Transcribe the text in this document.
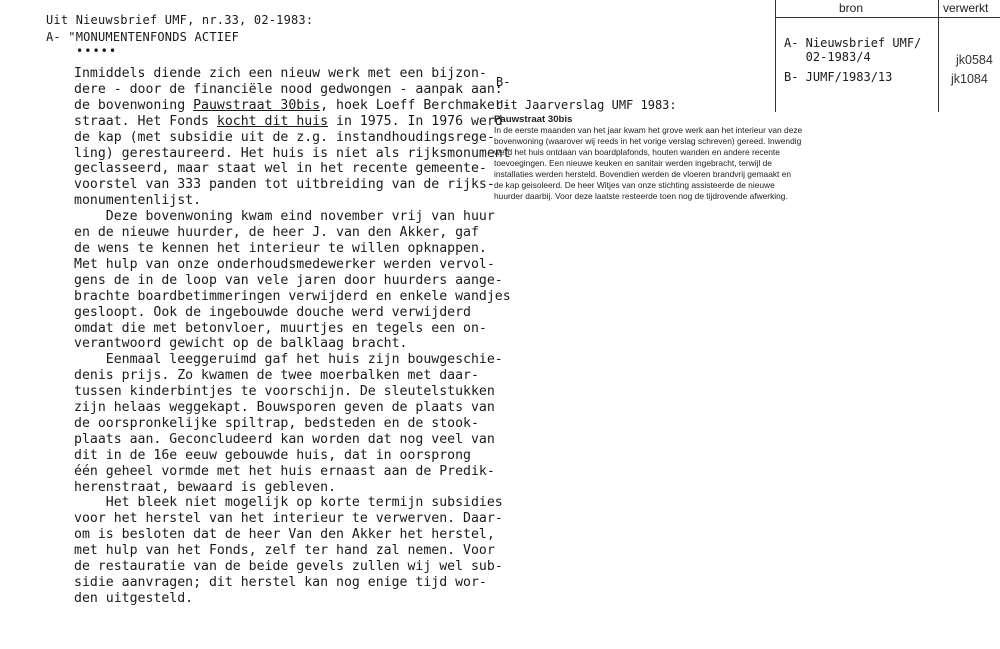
Uit Nieuwsbrief UMF, nr.33, 02-1983:
A- "MONUMENTENFONDS ACTIEF
•••••
Inmiddels diende zich een nieuw werk met een bijzon-
dere - door de financiële nood gedwongen - aanpak aan:
de bovenwoning Pauwstraat 30bis, hoek Loeff Berchmaker-
straat. Het Fonds kocht dit huis in 1975. In 1976 werd
de kap (met subsidie uit de z.g. instandhoudingsrege-
ling) gerestaureerd. Het huis is niet als rijksmonument
geclasseerd, maar staat wel in het recente gemeente-
voorstel van 333 panden tot uitbreiding van de rijks-
monumentenlijst.
Deze bovenwoning kwam eind november vrij van huur
en de nieuwe huurder, de heer J. van den Akker, gaf
de wens te kennen het interieur te willen opknappen.
Met hulp van onze onderhoudsmedewerker werden vervol-
gens de in de loop van vele jaren door huurders aange-
brachte boardbetimmeringen verwijderd en enkele wandjes
gesloopt. Ook de ingebouwde douche werd verwijderd
omdat die met betonvloer, muurtjes en tegels een on-
verantwoord gewicht op de balklaag bracht.
Eenmaal leeggeruimd gaf het huis zijn bouwgeschie-
denis prijs. Zo kwamen de twee moerbalken met daar-
tussen kinderbintjes te voorschijn. De sleutelstukken
zijn helaas weggekapt. Bouwsporen geven de plaats van
de oorspronkelijke spiltrap, bedsteden en de stook-
plaats aan. Geconcludeerd kan worden dat nog veel van
dit in de 16e eeuw gebouwde huis, dat in oorsprong
één geheel vormde met het huis ernaast aan de Predik-
herenstraat, bewaard is gebleven.
Het bleek niet mogelijk op korte termijn subsidies
voor het herstel van het interieur te verwerven. Daar-
om is besloten dat de heer Van den Akker het herstel,
met hulp van het Fonds, zelf ter hand zal nemen. Voor
de restauratie van de beide gevels zullen wij wel sub-
sidie aanvragen; dit herstel kan nog enige tijd wor-
den uitgesteld.
B-
Uit Jaarverslag UMF 1983:
Pauwstraat 30bis
In de eerste maanden van het jaar kwam het grove werk aan het interieur van deze
bovenwoning (waarover wij reeds in het vorige verslag schreven) gereed. Inwendig
werd het huis ontdaan van boardplafonds, houten wanden en andere recente
toevoegingen. Een nieuwe keuken en sanitair werden ingebracht, terwijl de
installaties werden hersteld. Bovendien werden de vloeren brandvrij gemaakt en
de kap geisoleerd. De heer Witjes van onze stichting assisteerde de nieuwe
huurder daarbij. Voor deze laatste resteerde toen nog de tijdrovende afwerking.
bron	verwerkt
A- Nieuwsbrief UMF/
02-1983/4
B- JUMF/1983/13
jk0584
jk1084
